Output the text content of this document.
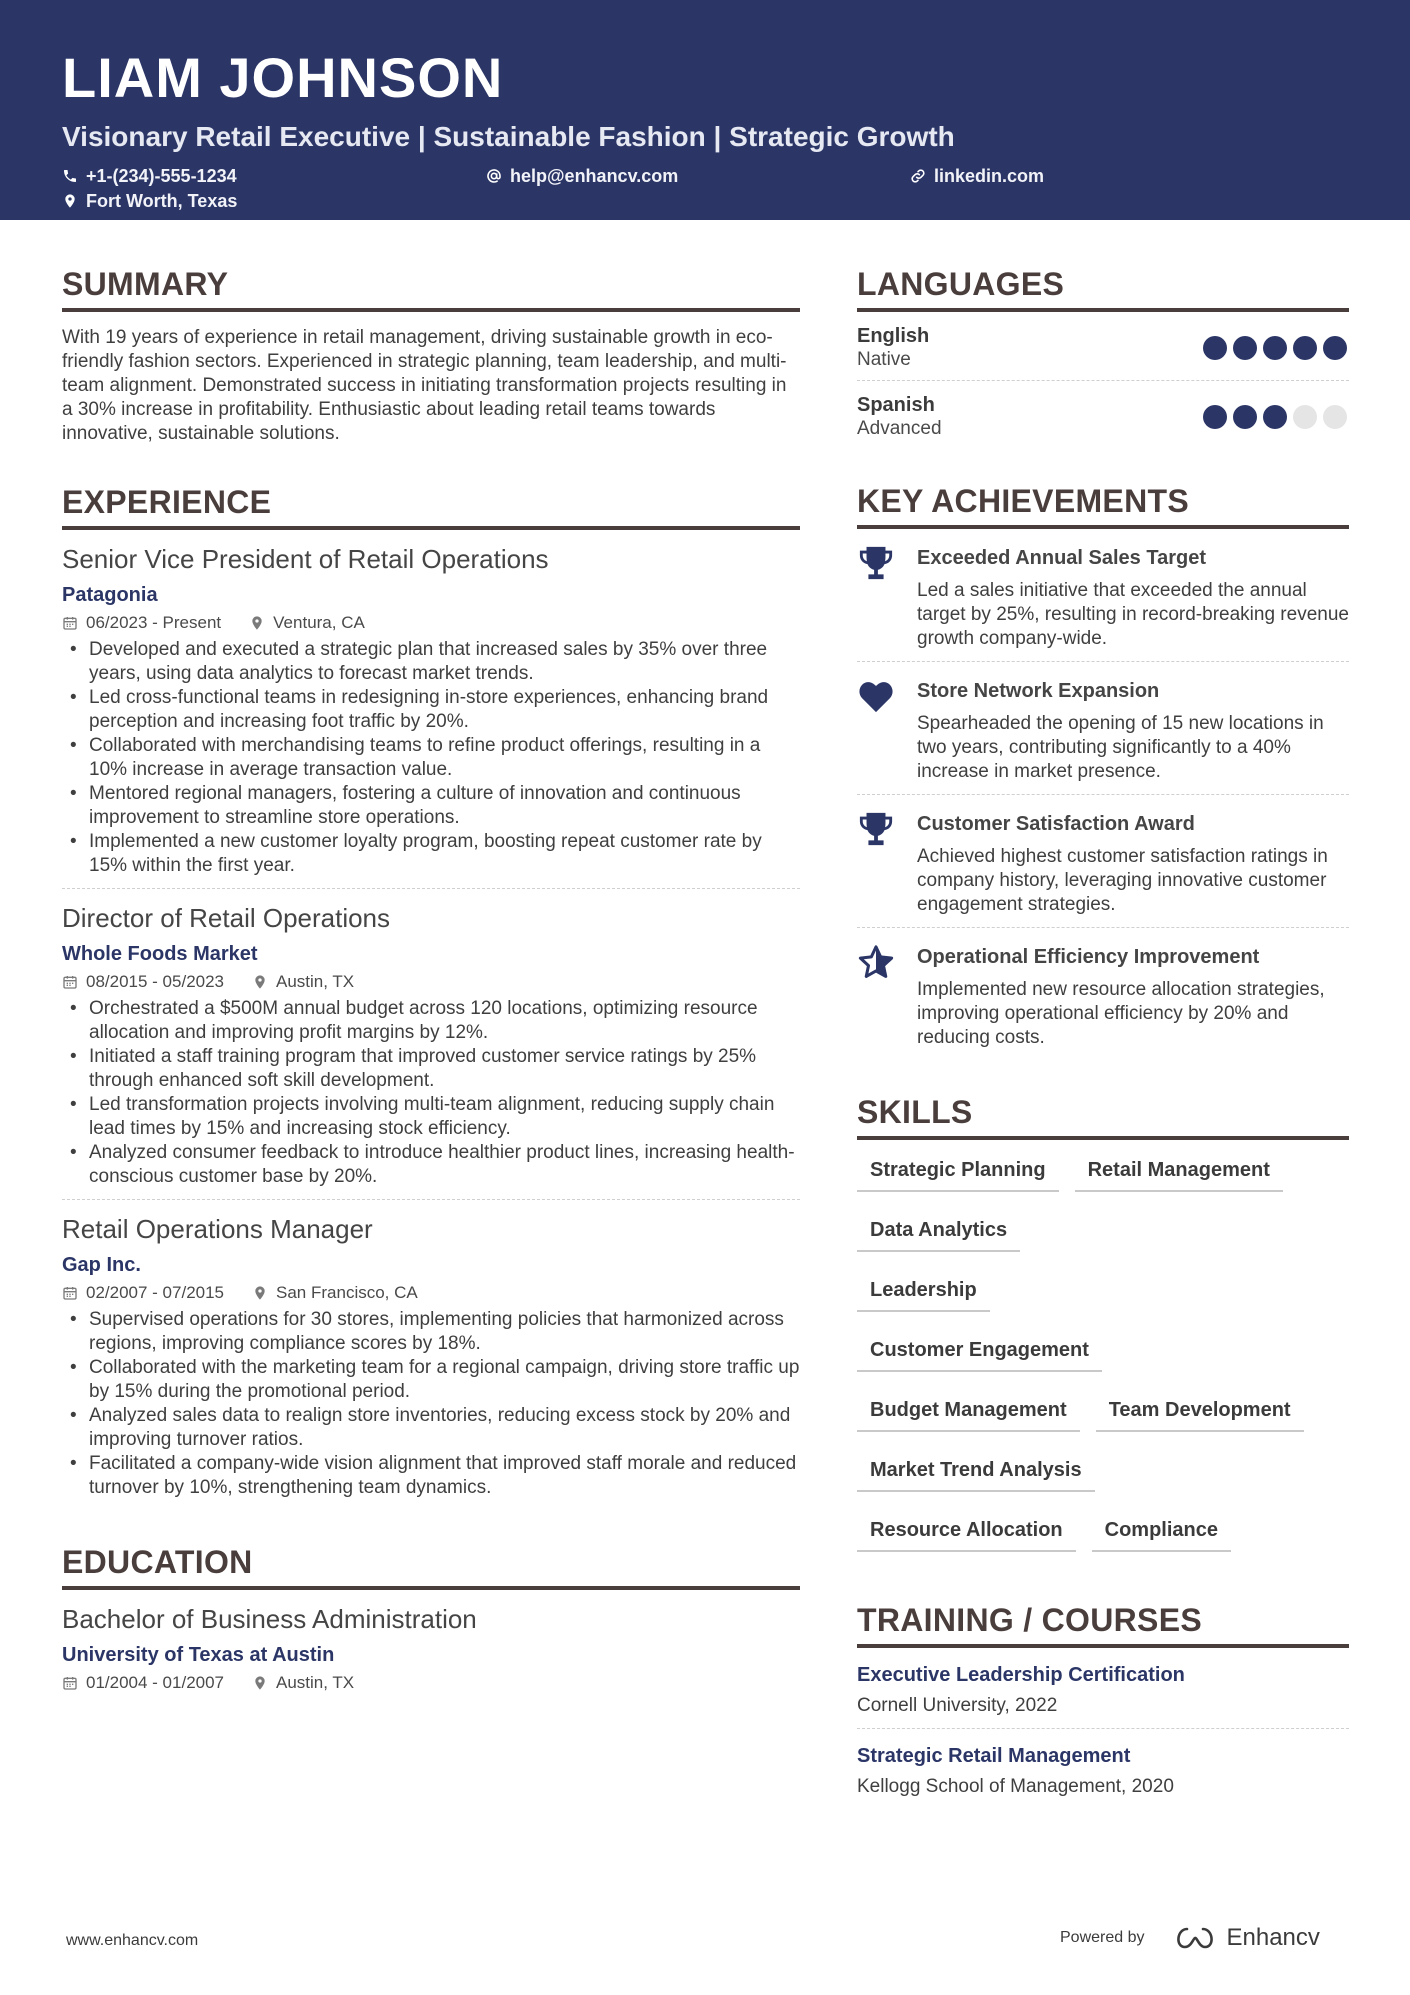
LIAM JOHNSON
Visionary Retail Executive | Sustainable Fashion | Strategic Growth
+1-(234)-555-1234	help@enhancv.com	linkedin.com
Fort Worth, Texas
SUMMARY
With 19 years of experience in retail management, driving sustainable growth in eco-friendly fashion sectors. Experienced in strategic planning, team leadership, and multi-team alignment. Demonstrated success in initiating transformation projects resulting in a 30% increase in profitability. Enthusiastic about leading retail teams towards innovative, sustainable solutions.
EXPERIENCE
Senior Vice President of Retail Operations
Patagonia
06/2023 - Present	Ventura, CA
• Developed and executed a strategic plan that increased sales by 35% over three years, using data analytics to forecast market trends.
• Led cross-functional teams in redesigning in-store experiences, enhancing brand perception and increasing foot traffic by 20%.
• Collaborated with merchandising teams to refine product offerings, resulting in a 10% increase in average transaction value.
• Mentored regional managers, fostering a culture of innovation and continuous improvement to streamline store operations.
• Implemented a new customer loyalty program, boosting repeat customer rate by 15% within the first year.
Director of Retail Operations
Whole Foods Market
08/2015 - 05/2023	Austin, TX
• Orchestrated a $500M annual budget across 120 locations, optimizing resource allocation and improving profit margins by 12%.
• Initiated a staff training program that improved customer service ratings by 25% through enhanced soft skill development.
• Led transformation projects involving multi-team alignment, reducing supply chain lead times by 15% and increasing stock efficiency.
• Analyzed consumer feedback to introduce healthier product lines, increasing health-conscious customer base by 20%.
Retail Operations Manager
Gap Inc.
02/2007 - 07/2015	San Francisco, CA
• Supervised operations for 30 stores, implementing policies that harmonized across regions, improving compliance scores by 18%.
• Collaborated with the marketing team for a regional campaign, driving store traffic up by 15% during the promotional period.
• Analyzed sales data to realign store inventories, reducing excess stock by 20% and improving turnover ratios.
• Facilitated a company-wide vision alignment that improved staff morale and reduced turnover by 10%, strengthening team dynamics.
EDUCATION
Bachelor of Business Administration
University of Texas at Austin
01/2004 - 01/2007	Austin, TX
LANGUAGES
English
Native
Spanish
Advanced
KEY ACHIEVEMENTS
Exceeded Annual Sales Target
Led a sales initiative that exceeded the annual target by 25%, resulting in record-breaking revenue growth company-wide.
Store Network Expansion
Spearheaded the opening of 15 new locations in two years, contributing significantly to a 40% increase in market presence.
Customer Satisfaction Award
Achieved highest customer satisfaction ratings in company history, leveraging innovative customer engagement strategies.
Operational Efficiency Improvement
Implemented new resource allocation strategies, improving operational efficiency by 20% and reducing costs.
SKILLS
Strategic Planning	Retail Management
Data Analytics
Leadership
Customer Engagement
Budget Management	Team Development
Market Trend Analysis
Resource Allocation	Compliance
TRAINING / COURSES
Executive Leadership Certification
Cornell University, 2022
Strategic Retail Management
Kellogg School of Management, 2020
www.enhancv.com	Powered by	Enhancv
